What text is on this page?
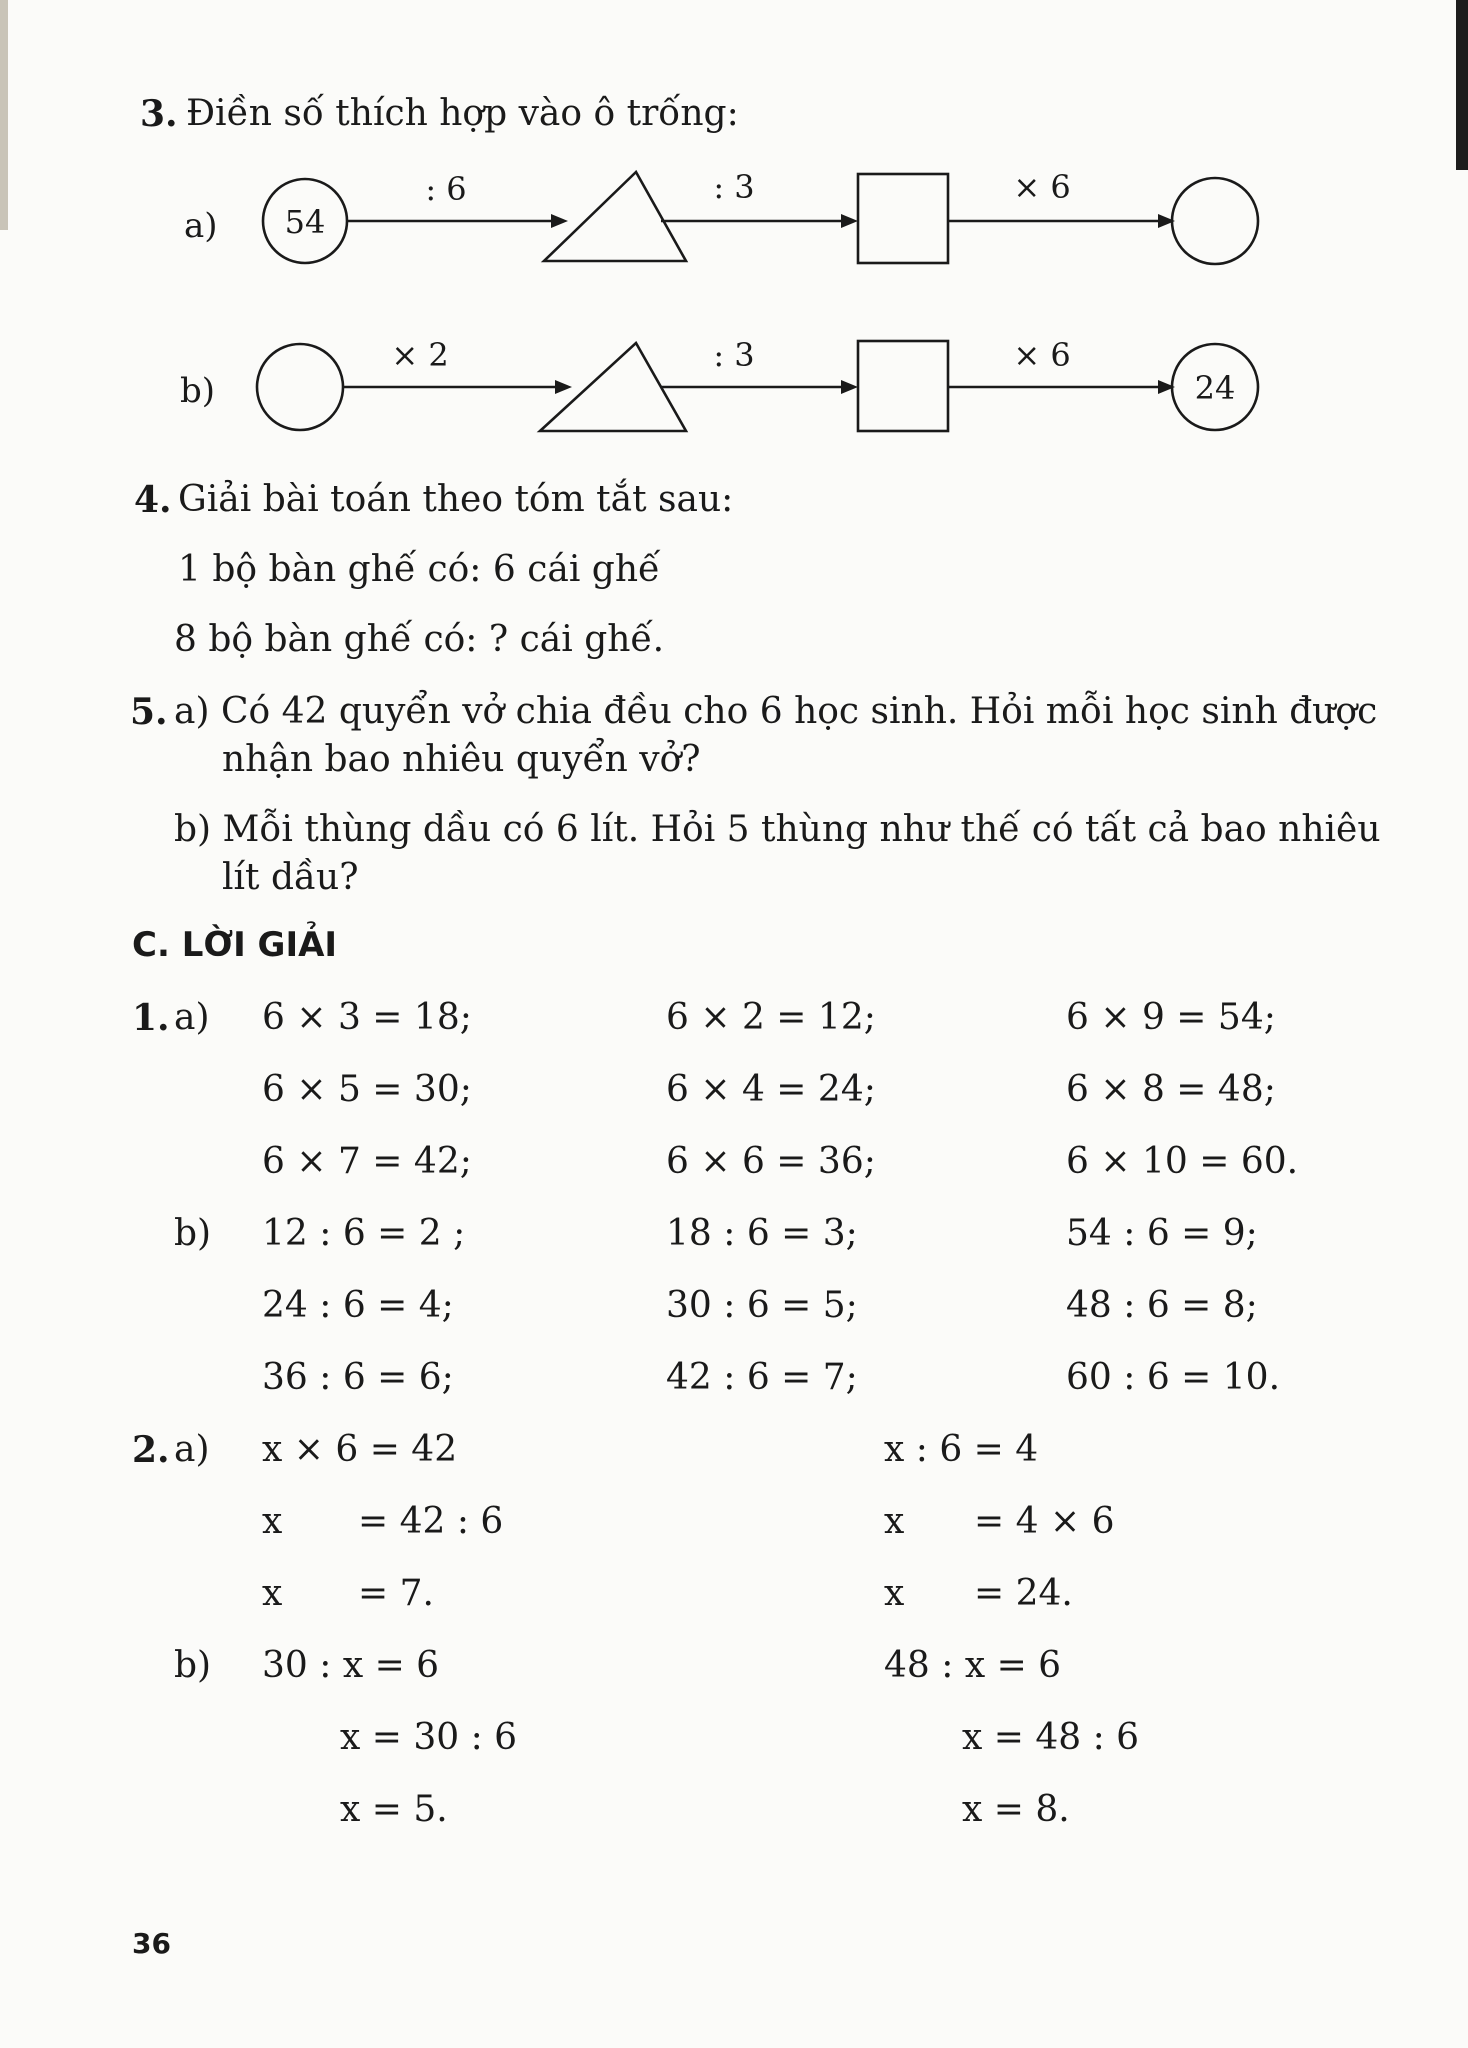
3. Điền số thích hợp vào ô trống:
a) 54
: 6	: 3	× 6
b)
× 2	: 3	× 6
24
4. Giải bài toán theo tóm tắt sau:
1 bộ bàn ghế có: 6 cái ghế
8 bộ bàn ghế có: ? cái ghế.
5. a) Có 42 quyển vở chia đều cho 6 học sinh. Hỏi mỗi học sinh được
nhận bao nhiêu quyển vở?
b) Mỗi thùng dầu có 6 lít. Hỏi 5 thùng như thế có tất cả bao nhiêu
lít dầu?
C. LỜI GIẢI
1. a) 6 × 3 = 18;	6 × 2 = 12;	6 × 9 = 54;
6 × 5 = 30;	6 × 4 = 24;	6 × 8 = 48;
6 × 7 = 42;	6 × 6 = 36;	6 × 10 = 60.
b) 12 : 6 = 2 ;	18 : 6 = 3;	54 : 6 = 9;
24 : 6 = 4;	30 : 6 = 5;	48 : 6 = 8;
36 : 6 = 6;	42 : 6 = 7;	60 : 6 = 10.
2. a) x × 6 = 42
x = 42 : 6
x = 7.
x : 6 = 4
x = 4 × 6
x = 24.
b) 30 : x = 6
x = 30 : 6
x = 5.
48 : x = 6
x = 48 : 6
x = 8.
36
